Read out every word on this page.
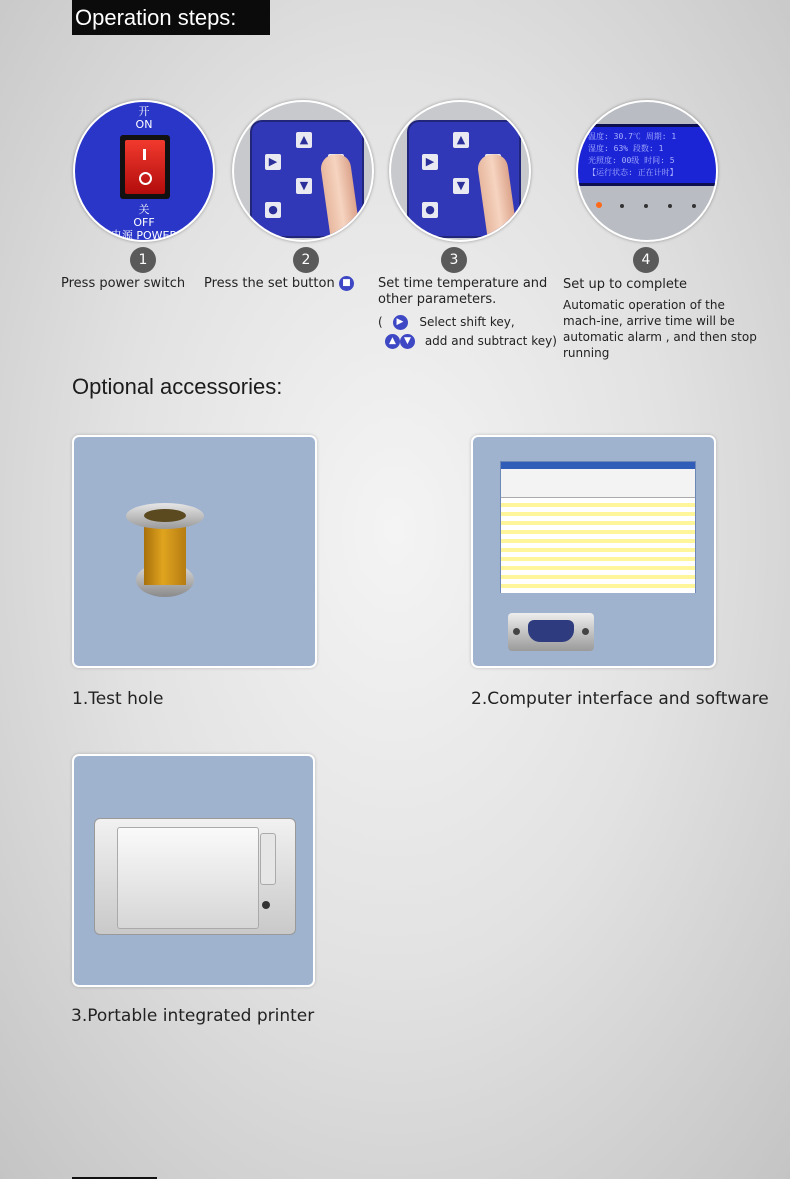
Operation steps:
开
ON
关
OFF
电源 POWER
1
Press power switch
▲
▶
▼
●
2
Press the set button ■
▲
▶
▼
●
3
Set time temperature and other parameters.
( ▶ Select shift key,
▲ ▼ add and subtract key)
温度: 30.7℃ 周期: 1
湿度: 63% 段数: 1
光照度: 00级 时间: 5
【运行状态: 正在计时】
4
Set up to complete
Automatic operation of the mach-ine, arrive time will be automatic alarm , and then stop running
Optional accessories:
1.Test hole	2.Computer interface and software
3.Portable integrated printer
